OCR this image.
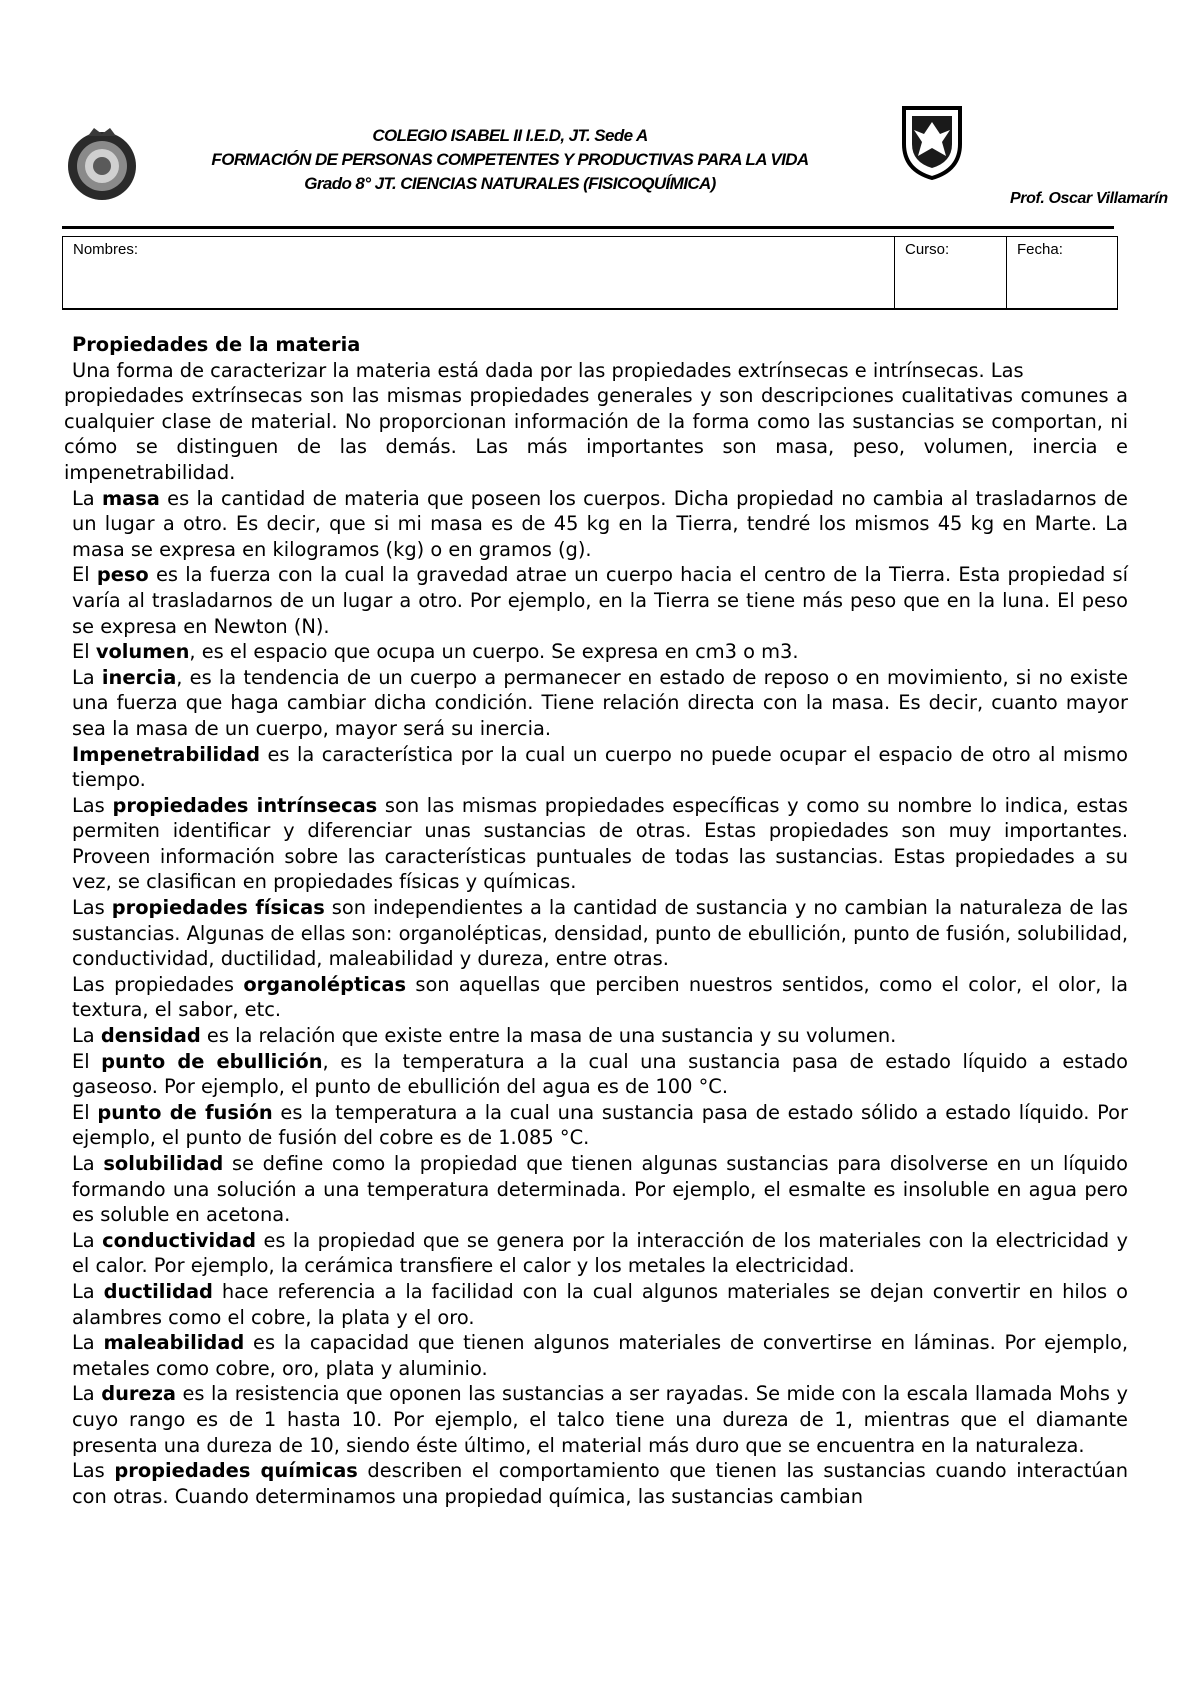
COLEGIO ISABEL II I.E.D, JT. Sede A
FORMACIÓN DE PERSONAS COMPETENTES Y PRODUCTIVAS PARA LA VIDA
Grado 8° JT. CIENCIAS NATURALES (FISICOQUÍMICA)
Prof. Oscar Villamarín
Nombres:	Curso:	Fecha:

Propiedades de la materia

Una forma de caracterizar la materia está dada por las propiedades extrínsecas e intrínsecas. Las

propiedades extrínsecas son las mismas propiedades generales y son descripciones cualitativas comunes a cualquier clase de material. No proporcionan información de la forma como las sustancias se comportan, ni cómo se distinguen de las demás. Las más importantes son masa, peso, volumen, inercia e impenetrabilidad.

La masa es la cantidad de materia que poseen los cuerpos. Dicha propiedad no cambia al trasladarnos de un lugar a otro. Es decir, que si mi masa es de 45 kg en la Tierra, tendré los mismos 45 kg en Marte. La masa se expresa en kilogramos (kg) o en gramos (g).

El peso es la fuerza con la cual la gravedad atrae un cuerpo hacia el centro de la Tierra. Esta propiedad sí varía al trasladarnos de un lugar a otro. Por ejemplo, en la Tierra se tiene más peso que en la luna. El peso se expresa en Newton (N).

El volumen, es el espacio que ocupa un cuerpo. Se expresa en cm3 o m3.

La inercia, es la tendencia de un cuerpo a permanecer en estado de reposo o en movimiento, si no existe una fuerza que haga cambiar dicha condición. Tiene relación directa con la masa. Es decir, cuanto mayor sea la masa de un cuerpo, mayor será su inercia.

Impenetrabilidad es la característica por la cual un cuerpo no puede ocupar el espacio de otro al mismo tiempo.

Las propiedades intrínsecas son las mismas propiedades específicas y como su nombre lo indica, estas permiten identificar y diferenciar unas sustancias de otras. Estas propiedades son muy importantes. Proveen información sobre las características puntuales de todas las sustancias. Estas propiedades a su vez, se clasifican en propiedades físicas y químicas.

Las propiedades físicas son independientes a la cantidad de sustancia y no cambian la naturaleza de las sustancias. Algunas de ellas son: organolépticas, densidad, punto de ebullición, punto de fusión, solubilidad, conductividad, ductilidad, maleabilidad y dureza, entre otras.

Las propiedades organolépticas son aquellas que perciben nuestros sentidos, como el color, el olor, la textura, el sabor, etc.

La densidad es la relación que existe entre la masa de una sustancia y su volumen.

El punto de ebullición, es la temperatura a la cual una sustancia pasa de estado líquido a estado gaseoso. Por ejemplo, el punto de ebullición del agua es de 100 °C.

El punto de fusión es la temperatura a la cual una sustancia pasa de estado sólido a estado líquido. Por ejemplo, el punto de fusión del cobre es de 1.085 °C.

La solubilidad se define como la propiedad que tienen algunas sustancias para disolverse en un líquido formando una solución a una temperatura determinada. Por ejemplo, el esmalte es insoluble en agua pero es soluble en acetona.

La conductividad es la propiedad que se genera por la interacción de los materiales con la electricidad y el calor. Por ejemplo, la cerámica transfiere el calor y los metales la electricidad.

La ductilidad hace referencia a la facilidad con la cual algunos materiales se dejan convertir en hilos o alambres como el cobre, la plata y el oro.

La maleabilidad es la capacidad que tienen algunos materiales de convertirse en láminas. Por ejemplo, metales como cobre, oro, plata y aluminio.

La dureza es la resistencia que oponen las sustancias a ser rayadas. Se mide con la escala llamada Mohs y cuyo rango es de 1 hasta 10. Por ejemplo, el talco tiene una dureza de 1, mientras que el diamante presenta una dureza de 10, siendo éste último, el material más duro que se encuentra en la naturaleza.

Las propiedades químicas describen el comportamiento que tienen las sustancias cuando interactúan con otras. Cuando determinamos una propiedad química, las sustancias cambian
